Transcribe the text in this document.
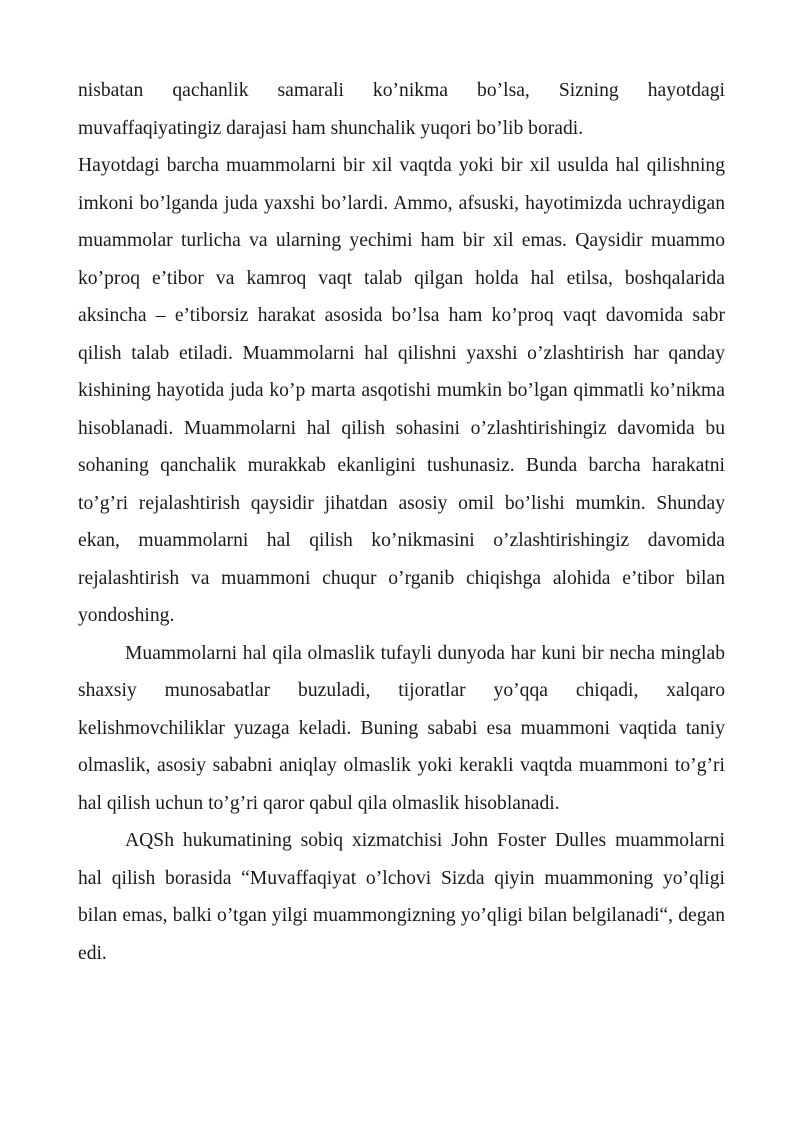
nisbatan qachanlik samarali ko’nikma bo’lsa, Sizning hayotdagi muvaffaqiyatingiz darajasi ham shunchalik yuqori bo’lib boradi.

Hayotdagi barcha muammolarni bir xil vaqtda yoki bir xil usulda hal qilishning imkoni bo’lganda juda yaxshi bo’lardi. Ammo, afsuski, hayotimizda uchraydigan muammolar turlicha va ularning yechimi ham bir xil emas. Qaysidir muammo ko’proq e’tibor va kamroq vaqt talab qilgan holda hal etilsa, boshqalarida aksincha – e’tiborsiz harakat asosida bo’lsa ham ko’proq vaqt davomida sabr qilish talab etiladi. Muammolarni hal qilishni yaxshi o’zlashtirish har qanday kishining hayotida juda ko’p marta asqotishi mumkin bo’lgan qimmatli ko’nikma hisoblanadi. Muammolarni hal qilish sohasini o’zlashtirishingiz davomida bu sohaning qanchalik murakkab ekanligini tushunasiz. Bunda barcha harakatni to’g’ri rejalashtirish qaysidir jihatdan asosiy omil bo’lishi mumkin. Shunday ekan, muammolarni hal qilish ko’nikmasini o’zlashtirishingiz davomida rejalashtirish va muammoni chuqur o’rganib chiqishga alohida e’tibor bilan yondoshing.

Muammolarni hal qila olmaslik tufayli dunyoda har kuni bir necha minglab shaxsiy munosabatlar buzuladi, tijoratlar yo’qqa chiqadi, xalqaro kelishmovchiliklar yuzaga keladi. Buning sababi esa muammoni vaqtida taniy olmaslik, asosiy sababni aniqlay olmaslik yoki kerakli vaqtda muammoni to’g’ri hal qilish uchun to’g’ri qaror qabul qila olmaslik hisoblanadi.

AQSh hukumatining sobiq xizmatchisi John Foster Dulles muammolarni hal qilish borasida “Muvaffaqiyat o’lchovi Sizda qiyin muammoning yo’qligi bilan emas, balki o’tgan yilgi muammongizning yo’qligi bilan belgilanadi“, degan edi.
